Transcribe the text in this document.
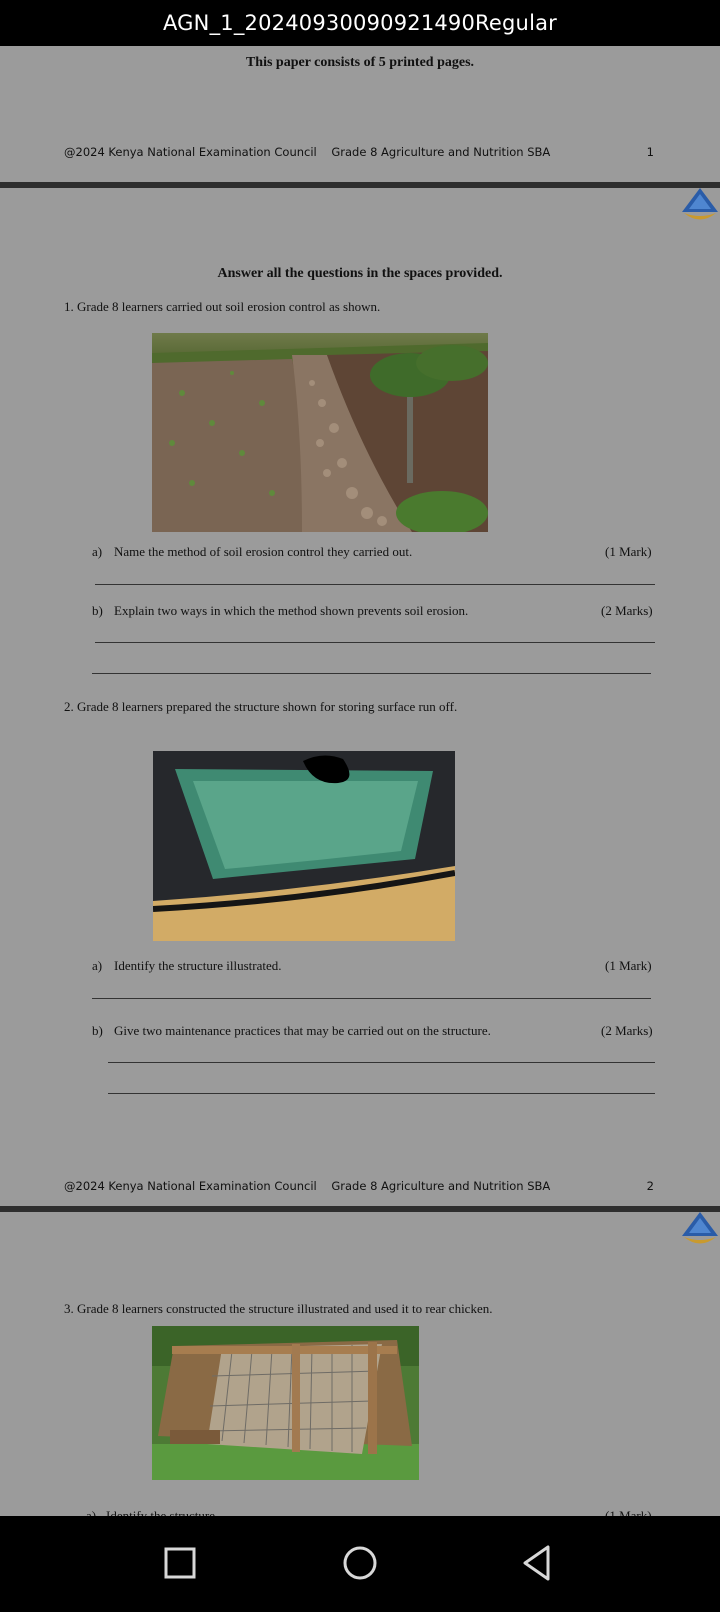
AGN_1_20240930090921490Regular
This paper consists of 5 printed pages.
@2024 Kenya National Examination Council    Grade 8 Agriculture and Nutrition SBA	1
Answer all the questions in the spaces provided.
1. Grade 8 learners carried out soil erosion control as shown.
a) Name the method of soil erosion control they carried out.	(1 Mark)
b) Explain two ways in which the method shown prevents soil erosion.	(2 Marks)
2. Grade 8 learners prepared the structure shown for storing surface run off.
a) Identify the structure illustrated.	(1 Mark)
b) Give two maintenance practices that may be carried out on the structure.	(2 Marks)
@2024 Kenya National Examination Council    Grade 8 Agriculture and Nutrition SBA	2
3. Grade 8 learners constructed the structure illustrated and used it to rear chicken.
